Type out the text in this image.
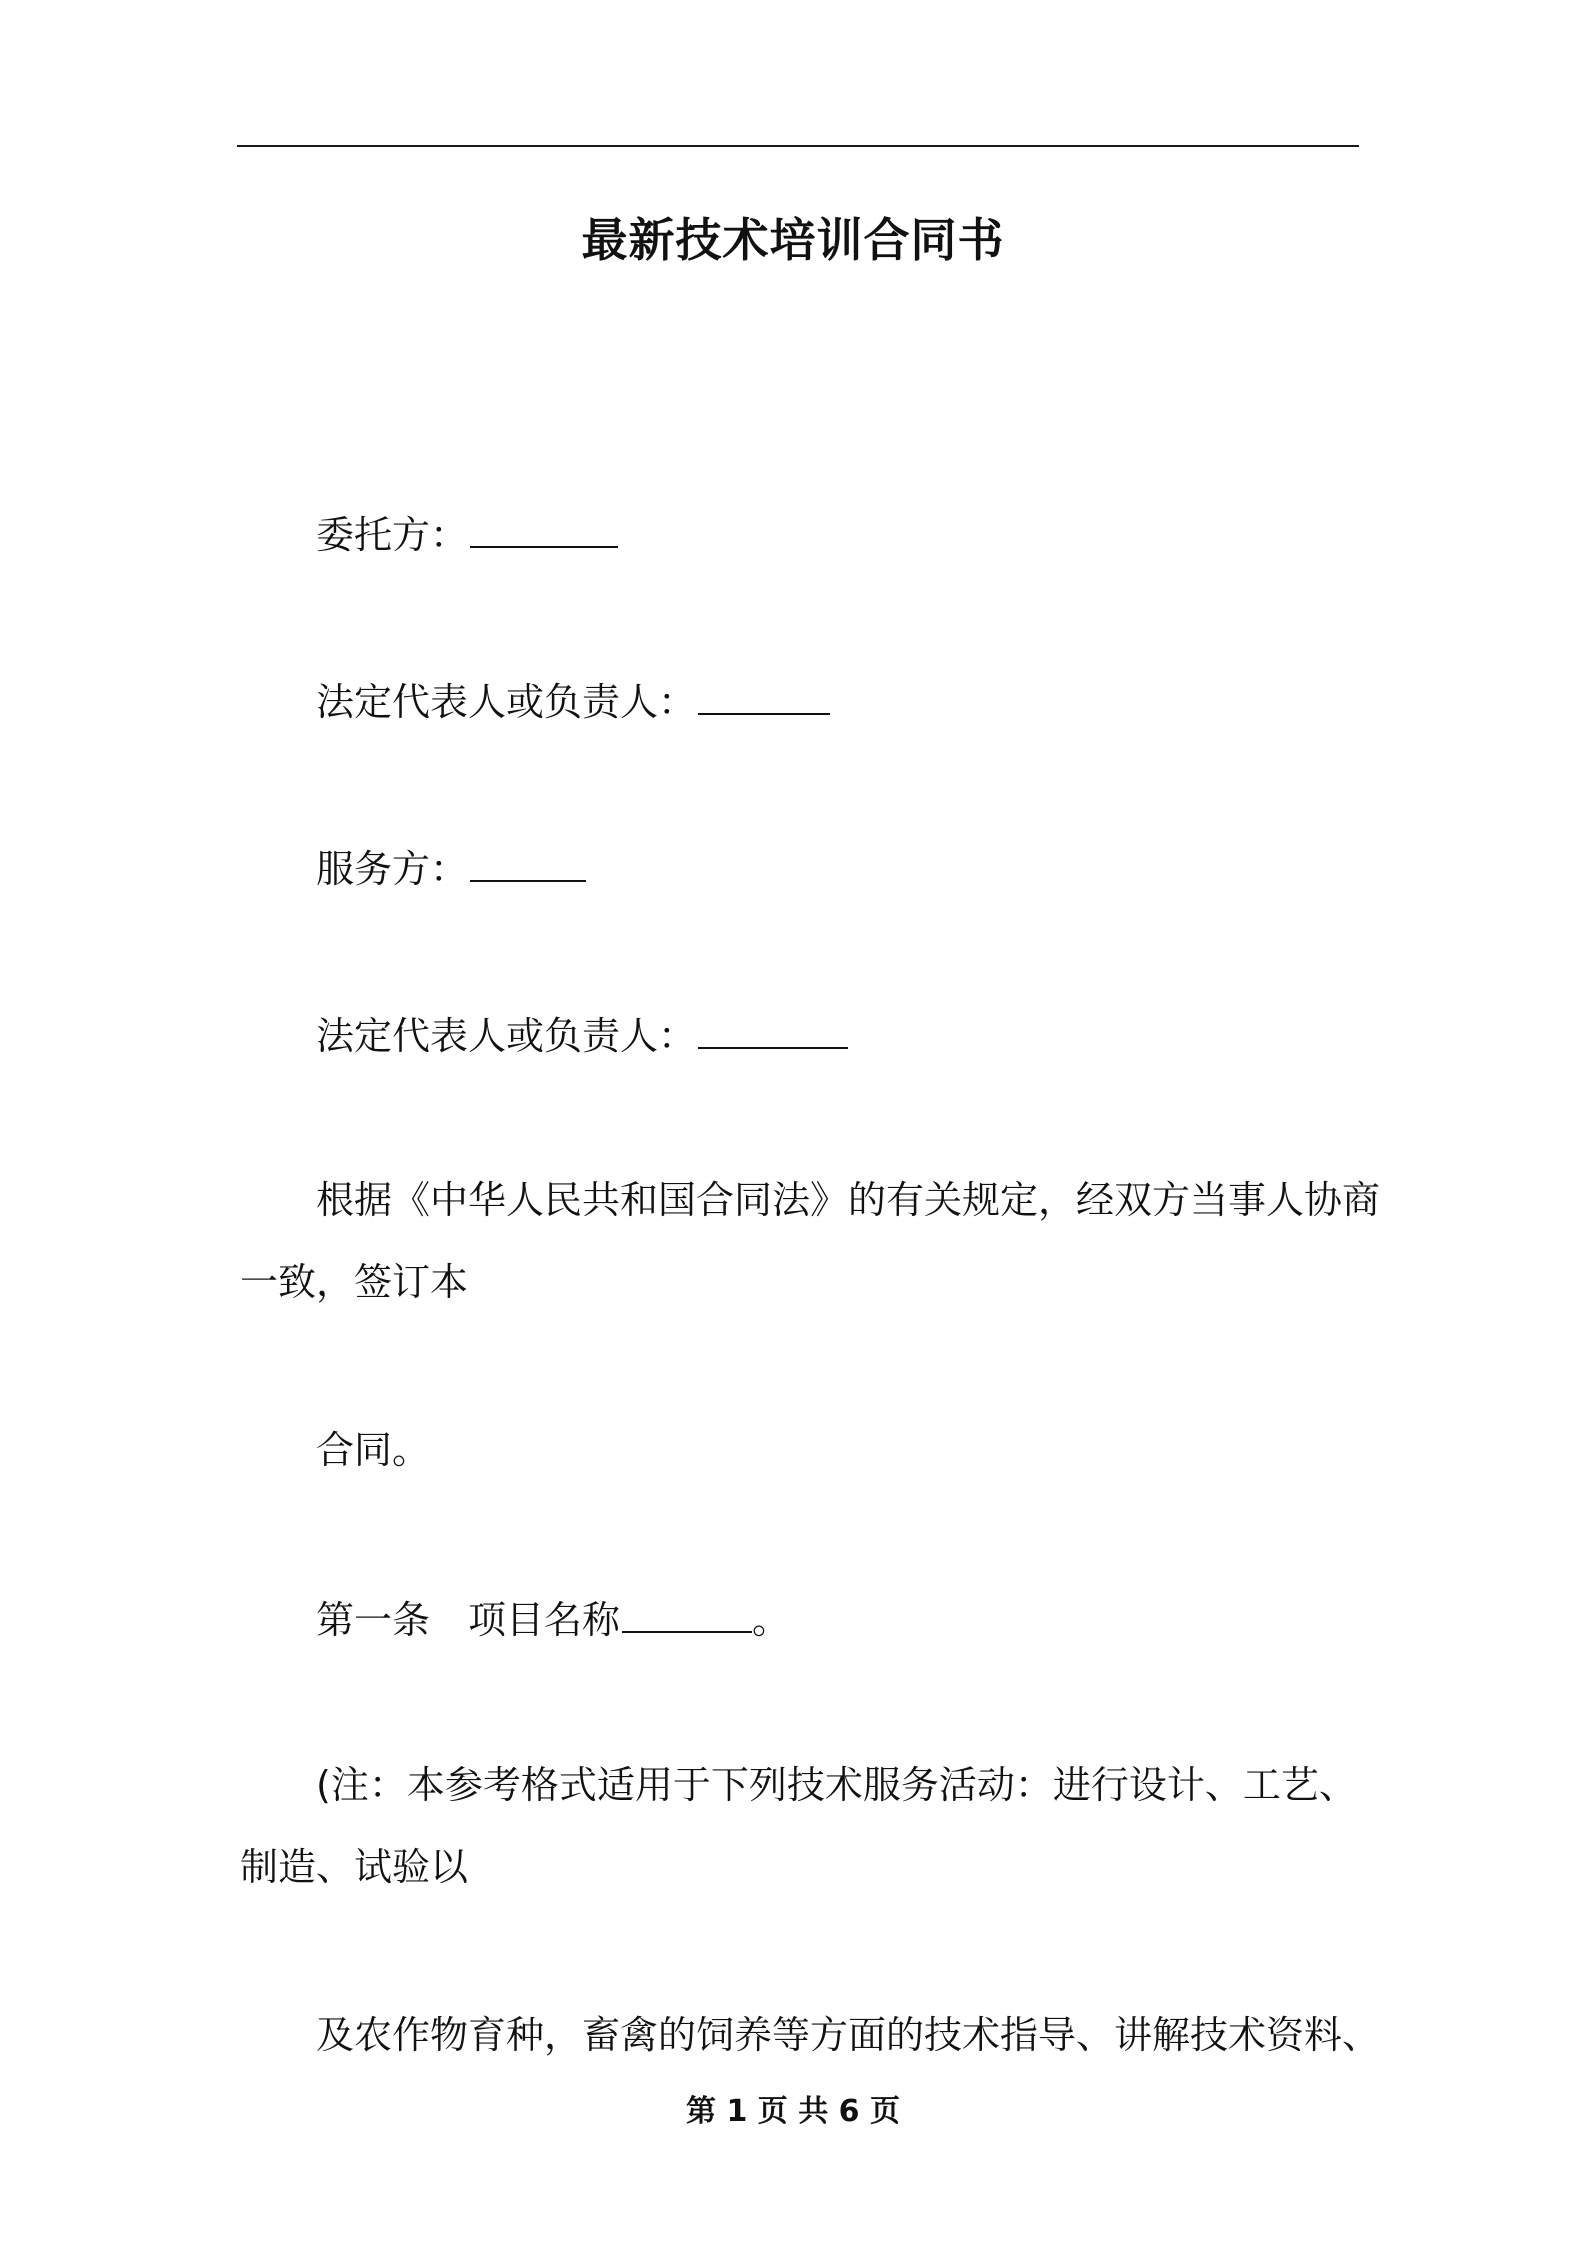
最新技术培训合同书
委托方：
法定代表人或负责人：
服务方：
法定代表人或负责人：
根据《中华人民共和国合同法》的有关规定，经双方当事人协商
一致，签订本
合同。
第一条　项目名称	。
(注：本参考格式适用于下列技术服务活动：进行设计、工艺、
制造、试验以
及农作物育种，畜禽的饲养等方面的技术指导、讲解技术资料、
第 1 页 共 6 页
